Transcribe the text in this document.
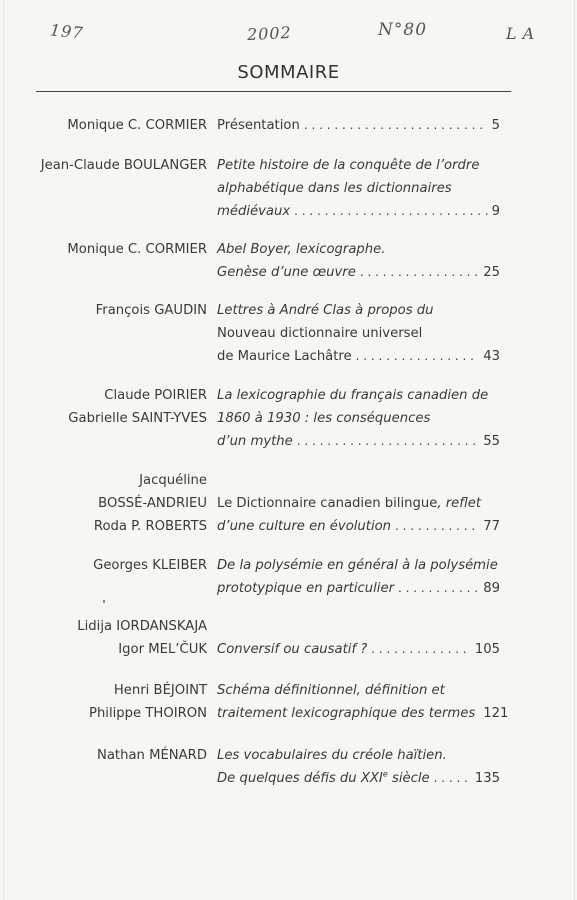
197	2002	N°80	LA
SOMMAIRE
Monique C. CORMIER Présentation . . .	5
Jean-Claude BOULANGER Petite histoire de la conquête de l’ordre
alphabétique dans les dictionnaires
médiévaux . . .	9
Monique C. CORMIER Abel Boyer, lexicographe.
Genèse d’une œuvre . . .	25
François GAUDIN Lettres à André Clas à propos du
Nouveau dictionnaire universel
de Maurice Lachâtre . . .	43
Claude POIRIER
Gabrielle SAINT-YVES
La lexicographie du français canadien de
1860 à 1930 : les conséquences
d’un mythe . . .	55
Jacquéline
BOSSÉ-ANDRIEU
Roda P. ROBERTS
Le Dictionnaire canadien bilingue, reflet
d’une culture en évolution . . .	77
Georges KLEIBER De la polysémie en général à la polysémie
prototypique en particulier . . .	89
Lidija IORDANSKAJA
Igor MEL’ČUK Conversif ou causatif ? . . .	105
Henri BÉJOINT
Philippe THOIRON
Schéma définitionnel, définition et
traitement lexicographique des termes . . . 121
Nathan MÉNARD Les vocabulaires du créole haïtien.
De quelques défis du XXIe siècle . . .	135
